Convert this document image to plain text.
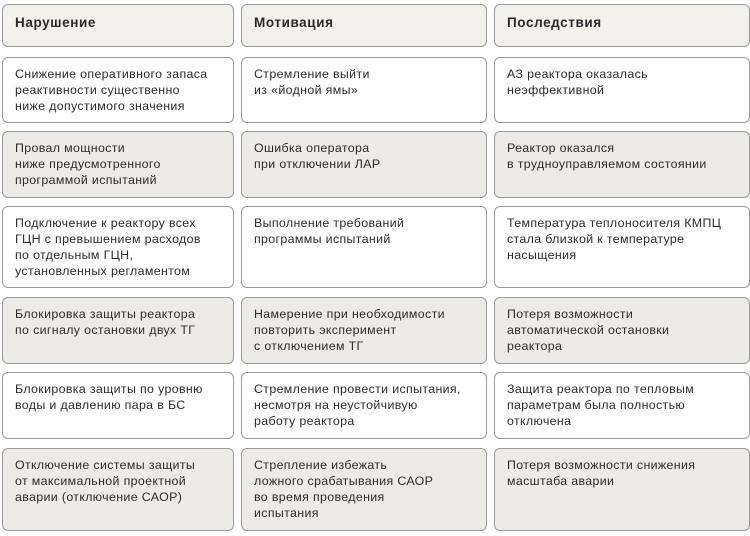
Нарушение	Мотивация	Последствия
Снижение оперативного запаса
реактивности существенно
ниже допустимого значения
Стремление выйти
из «йодной ямы»
АЗ реактора оказалась
неэффективной
Провал мощности
ниже предусмотренного
программой испытаний
Ошибка оператора
при отключении ЛАР
Реактор оказался
в трудноуправляемом состоянии
Подключение к реактору всех
ГЦН с превышением расходов
по отдельным ГЦН,
установленных регламентом
Выполнение требований
программы испытаний
Температура теплоносителя КМПЦ
стала близкой к температуре
насыщения
Блокировка защиты реактора
по сигналу остановки двух ТГ
Намерение при необходимости
повторить эксперимент
с отключением ТГ
Потеря возможности
автоматической остановки
реактора
Блокировка защиты по уровню
воды и давлению пара в БС
Стремление провести испытания,
несмотря на неустойчивую
работу реактора
Защита реактора по тепловым
параметрам была полностью
отключена
Отключение системы защиты
от максимальной проектной
аварии (отключение САОР)
Стрепление избежать
ложного срабатывания САОР
во время проведения
испытания
Потеря возможности снижения
масштаба аварии
